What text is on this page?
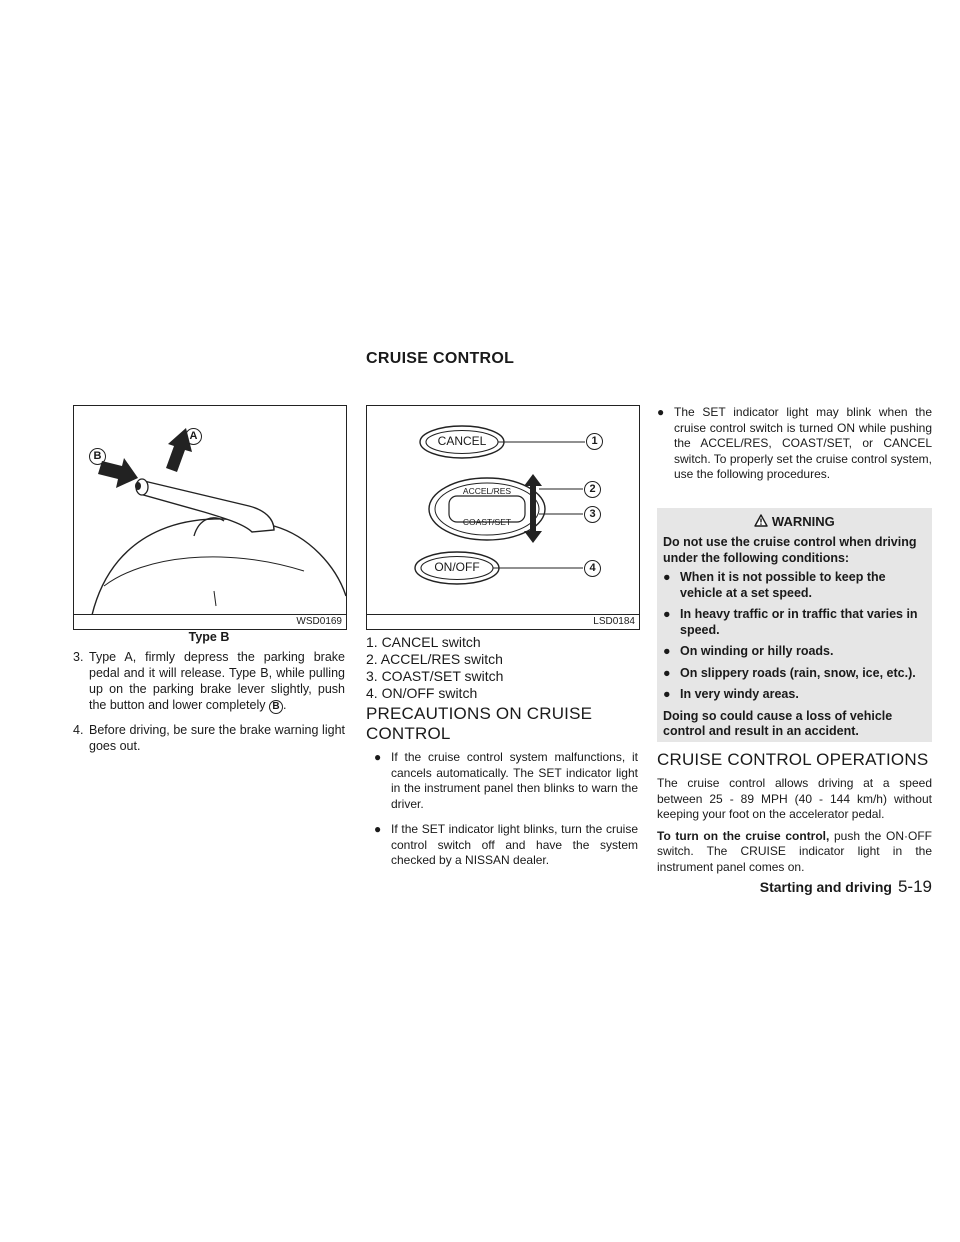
CRUISE CONTROL
A
B
WSD0169
Type B
3. Type A, firmly depress the parking brake pedal and it will release. Type B, while pulling up on the parking brake lever slightly, push the button and lower completely B .
4. Before driving, be sure the brake warning light goes out.
CANCEL
ACCEL/RES
COAST/SET
ON/OFF
1
2
3
4
LSD0184
1. CANCEL switch
2. ACCEL/RES switch
3. COAST/SET switch
4. ON/OFF switch
PRECAUTIONS ON CRUISE
CONTROL
● If the cruise control system malfunctions, it cancels automatically. The SET indicator light in the instrument panel then blinks to warn the driver.
● If the SET indicator light blinks, turn the cruise control switch off and have the system checked by a NISSAN dealer.
● The SET indicator light may blink when the cruise control switch is turned ON while pushing the ACCEL/RES, COAST/SET, or CANCEL switch. To properly set the cruise control system, use the following procedures.
WARNING
Do not use the cruise control when driving under the following conditions:
● When it is not possible to keep the vehicle at a set speed.
● In heavy traffic or in traffic that varies in speed.
● On winding or hilly roads.
● On slippery roads (rain, snow, ice, etc.).
● In very windy areas.
Doing so could cause a loss of vehicle control and result in an accident.
CRUISE CONTROL OPERATIONS
The cruise control allows driving at a speed between 25 - 89 MPH (40 - 144 km/h) without keeping your foot on the accelerator pedal.
To turn on the cruise control, push the ON·OFF switch. The CRUISE indicator light in the instrument panel comes on.
Starting and driving 5-19
